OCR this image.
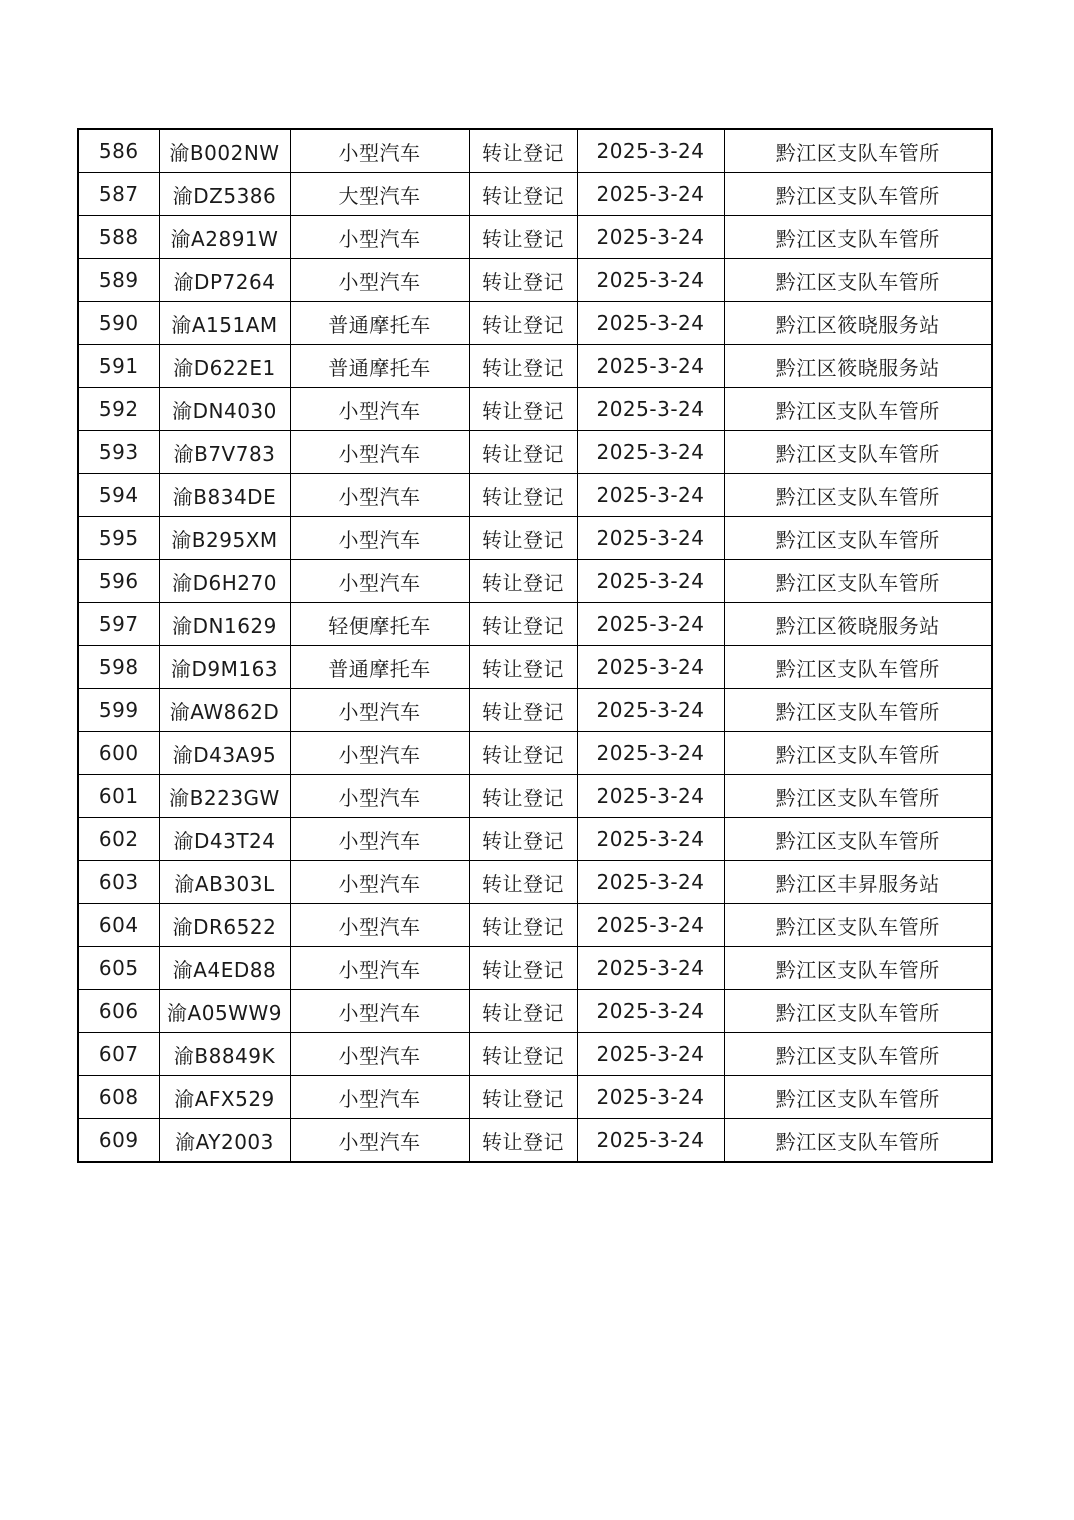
586	渝B002NW	小型汽车	转让登记	2025-3-24	黔江区支队车管所
587	渝DZ5386	大型汽车	转让登记	2025-3-24	黔江区支队车管所
588	渝A2891W	小型汽车	转让登记	2025-3-24	黔江区支队车管所
589	渝DP7264	小型汽车	转让登记	2025-3-24	黔江区支队车管所
590	渝A151AM	普通摩托车	转让登记	2025-3-24	黔江区筱晓服务站
591	渝D622E1	普通摩托车	转让登记	2025-3-24	黔江区筱晓服务站
592	渝DN4030	小型汽车	转让登记	2025-3-24	黔江区支队车管所
593	渝B7V783	小型汽车	转让登记	2025-3-24	黔江区支队车管所
594	渝B834DE	小型汽车	转让登记	2025-3-24	黔江区支队车管所
595	渝B295XM	小型汽车	转让登记	2025-3-24	黔江区支队车管所
596	渝D6H270	小型汽车	转让登记	2025-3-24	黔江区支队车管所
597	渝DN1629	轻便摩托车	转让登记	2025-3-24	黔江区筱晓服务站
598	渝D9M163	普通摩托车	转让登记	2025-3-24	黔江区支队车管所
599	渝AW862D	小型汽车	转让登记	2025-3-24	黔江区支队车管所
600	渝D43A95	小型汽车	转让登记	2025-3-24	黔江区支队车管所
601	渝B223GW	小型汽车	转让登记	2025-3-24	黔江区支队车管所
602	渝D43T24	小型汽车	转让登记	2025-3-24	黔江区支队车管所
603	渝AB303L	小型汽车	转让登记	2025-3-24	黔江区丰昇服务站
604	渝DR6522	小型汽车	转让登记	2025-3-24	黔江区支队车管所
605	渝A4ED88	小型汽车	转让登记	2025-3-24	黔江区支队车管所
606	渝A05WW9	小型汽车	转让登记	2025-3-24	黔江区支队车管所
607	渝B8849K	小型汽车	转让登记	2025-3-24	黔江区支队车管所
608	渝AFX529	小型汽车	转让登记	2025-3-24	黔江区支队车管所
609	渝AY2003	小型汽车	转让登记	2025-3-24	黔江区支队车管所
